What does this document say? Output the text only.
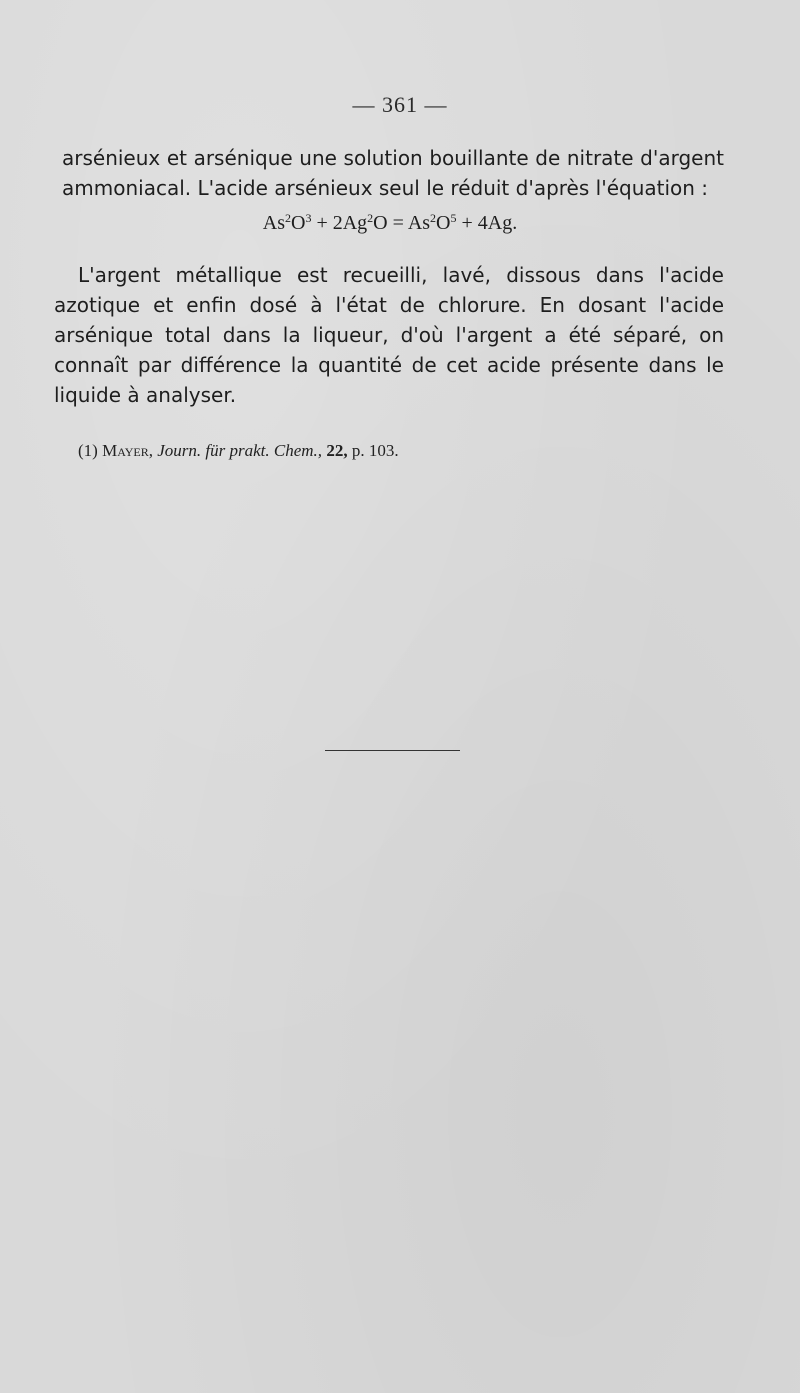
— 361 —
arsénieux et arsénique une solution bouillante de nitrate d'argent ammoniacal. L'acide arsénieux seul le réduit d'après l'équation :
$As^2O^3 + 2Ag^2O = As^2O^5 + 4Ag$.
L'argent métallique est recueilli, lavé, dissous dans l'acide azotique et enfin dosé à l'état de chlorure. En dosant l'acide arsénique total dans la liqueur, d'où l'argent a été séparé, on connaît par différence la quantité de cet acide présente dans le liquide à analyser.
(1) Mayer, Journ. für prakt. Chem., 22, p. 103.
